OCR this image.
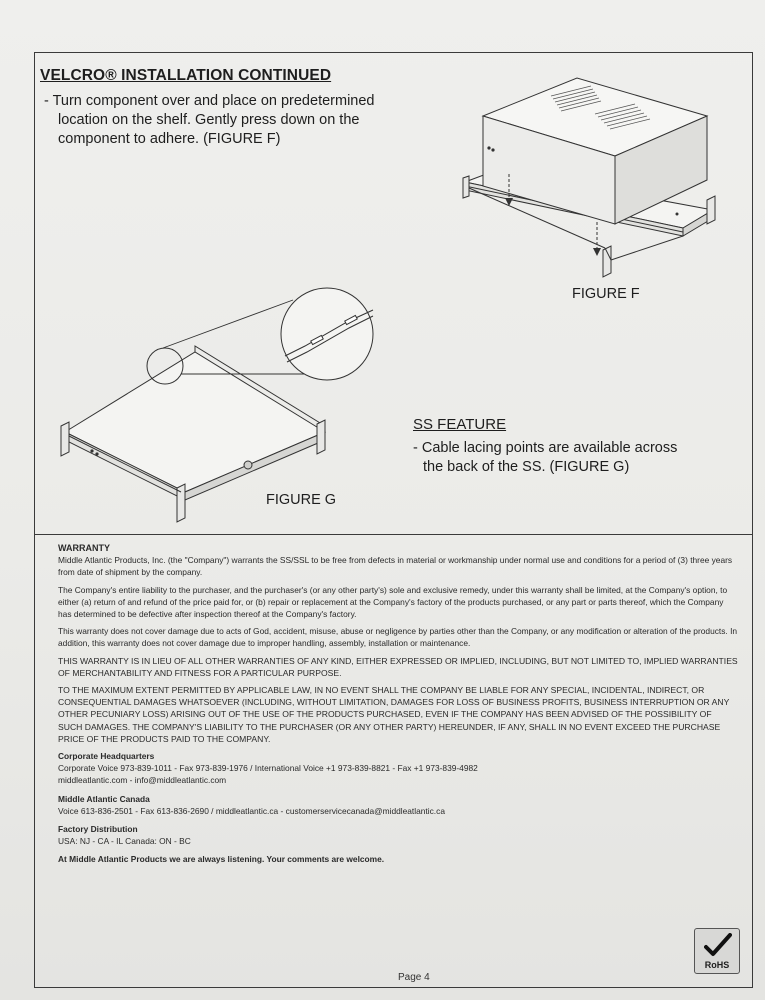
VELCRO® INSTALLATION CONTINUED
- Turn component over and place on predetermined
location on the shelf. Gently press down on the
component to adhere. (FIGURE F)
FIGURE F
FIGURE G
SS FEATURE
- Cable lacing points are available across
the back of the SS. (FIGURE G)
WARRANTY

Middle Atlantic Products, Inc. (the "Company") warrants the SS/SSL to be free from defects in material or workmanship under normal use and conditions for a period of (3) three years from date of shipment by the company.

The Company's entire liability to the purchaser, and the purchaser's (or any other party's) sole and exclusive remedy, under this warranty shall be limited, at the Company's option, to either (a) return of and refund of the price paid for, or (b) repair or replacement at the Company's factory of the products purchased, or any part or parts thereof, which the Company has determined to be defective after inspection thereof at the Company's factory.

This warranty does not cover damage due to acts of God, accident, misuse, abuse or negligence by parties other than the Company, or any modification or alteration of the products. In addition, this warranty does not cover damage due to improper handling, assembly, installation or maintenance.

THIS WARRANTY IS IN LIEU OF ALL OTHER WARRANTIES OF ANY KIND, EITHER EXPRESSED OR IMPLIED, INCLUDING, BUT NOT LIMITED TO, IMPLIED WARRANTIES OF MERCHANTABILITY AND FITNESS FOR A PARTICULAR PURPOSE.

TO THE MAXIMUM EXTENT PERMITTED BY APPLICABLE LAW, IN NO EVENT SHALL THE COMPANY BE LIABLE FOR ANY SPECIAL, INCIDENTAL, INDIRECT, OR CONSEQUENTIAL DAMAGES WHATSOEVER (INCLUDING, WITHOUT LIMITATION, DAMAGES FOR LOSS OF BUSINESS PROFITS, BUSINESS INTERRUPTION OR ANY OTHER PECUNIARY LOSS) ARISING OUT OF THE USE OF THE PRODUCTS PURCHASED, EVEN IF THE COMPANY HAS BEEN ADVISED OF THE POSSIBILITY OF SUCH DAMAGES. THE COMPANY'S LIABILITY TO THE PURCHASER (OR ANY OTHER PARTY) HEREUNDER, IF ANY, SHALL IN NO EVENT EXCEED THE PURCHASE PRICE OF THE PRODUCTS PAID TO THE COMPANY.

Corporate Headquarters
Corporate Voice 973-839-1011 - Fax 973-839-1976 / International Voice +1 973-839-8821 - Fax +1 973-839-4982
middleatlantic.com - info@middleatlantic.com
Middle Atlantic Canada
Voice 613-836-2501 - Fax 613-836-2690 / middleatlantic.ca - customerservicecanada@middleatlantic.ca
Factory Distribution
USA: NJ - CA - IL Canada: ON - BC
At Middle Atlantic Products we are always listening. Your comments are welcome.
RoHS
Page 4
